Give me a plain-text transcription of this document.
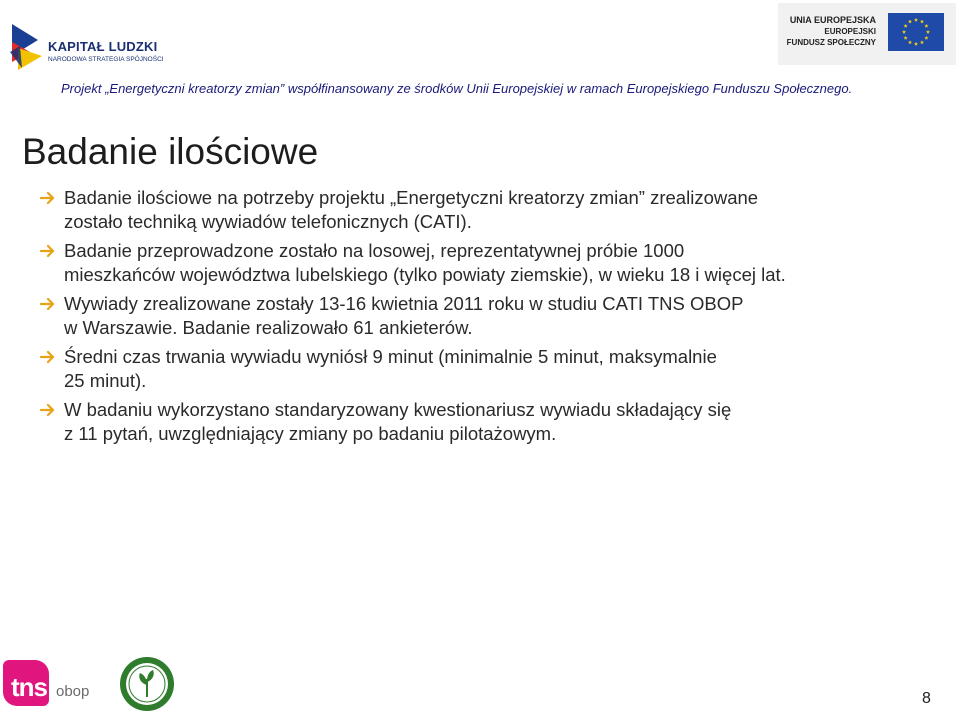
KAPITAŁ LUDZKI
NARODOWA STRATEGIA SPÓJNOŚCI
UNIA EUROPEJSKA
EUROPEJSKI
FUNDUSZ SPOŁECZNY
Projekt „Energetyczni kreatorzy zmian” współfinansowany ze środków Unii Europejskiej w ramach Europejskiego Funduszu Społecznego.
Badanie ilościowe
Badanie ilościowe na potrzeby projektu „Energetyczni kreatorzy zmian” zrealizowane
zostało techniką wywiadów telefonicznych (CATI).
Badanie przeprowadzone zostało na losowej, reprezentatywnej próbie 1000
mieszkańców województwa lubelskiego (tylko powiaty ziemskie), w wieku 18 i więcej lat.
Wywiady zrealizowane zostały 13-16 kwietnia 2011 roku w studiu CATI TNS OBOP
w Warszawie. Badanie realizowało 61 ankieterów.
Średni czas trwania wywiadu wyniósł 9 minut (minimalnie 5 minut, maksymalnie
25 minut).
W badaniu wykorzystano standaryzowany kwestionariusz wywiadu składający się
z 11 pytań, uwzględniający zmiany po badaniu pilotażowym.
tns obop	8
